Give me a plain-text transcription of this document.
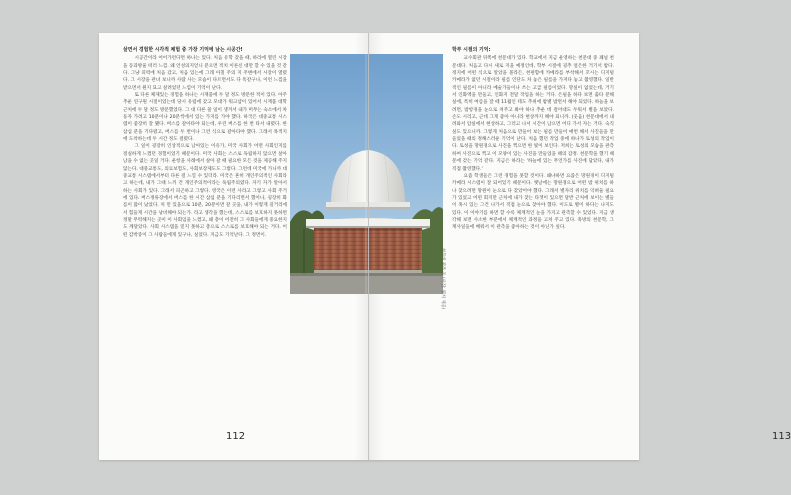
살면서 경험한 시각적 체험 중 가장 기억에 남는 시공간!

시공간이라 어어가런다면 하나는 있다. 처음 유학 갔을 때, 하라에 열린 시장을 동과방울 떠러 느낌. 왜 언성의지얻니 분으면 적치 이른신 대만 할 수 있을 것 같다. 그냥 피력에 처음 갔고, 처음 있는에 그래 아칠 주의 지 주변에서 시장이 열렸다. 그 시장을 관녀 보니까 사람 사는 모습이 다르면서도 다 똑같구나, 이런 느낌을 받으면서 뭔지 묘고 살려었던 느낌이 기억이 난다.

또 다른 체제있는 경험을 하나는 시재품에 두 달 정도 방문한 적이 있다. 아주 추운 연구원 시절이었는데 당시 유럽에 갔고 모대가 워크샵이 있어서 시재품 대학 근처에 두 달 정도 방문했었다. 그 대 다른 쓸 일이 생겨서 내가 머무는 숙소에서 차둥자 가려고 10분이나 20분씩에서 있는 가지를 가야 했다. 하국은 대중교통 시스템이 좋장히 잘 됐다. 버스를 갈아타야 되는데, 우린 버스를 한 번 타서 내렸다. 한 삼십 분을 기다렸고, 버스를 두 번이나 그런 식으로 갈아타야 했다. 그래서 목적지에 도착하는데 두 시간 정도 걸렸다.

그 일이 굉장히 인상적으로 남아있는 이유가, 미국 사회가 어떤 사회인지를 절실하게 느꼈던 경험이었기 때문이다. 미국 사회는 스스로 독립하지 않으면 살아남을 수 없는 곳일 거다. 운항을 사례에서 살아 갈 때 필요한 모든 것을 제공해 주지 않는다. 대중교통도, 의료보험도, 사회보장제도도 그렇다. 그런데 미국에 가니까 대중교통 시스템에서부터 다른 걸 느낄 수 있더라. 미국은 흔히 개인주의적인 사회라고 하는데, 내가 그때 느끼 건 개인주의적이라는 독립주의였다. 자기 자가 알아서 하는 사회가 있다. 그래서 피곤하고 그렇다. 영국은 이런 사라고 그렇고 사회 주거에 있다. 버스정류장에서 버스를 한 시간 삼십 분을 기다리면서 했어나, 굉장히 화를이 많이 났었다. 처 먼 있을으로 10분, 20분이면 갈 곳을, 내가 이렇게 길거리에서 힘들게 시간을 낭비해야 되는가. 라고 생각을 했는데, 스스로를 보호하지 못하면 정말 무력해지는 곳이 이 사회임을 느꼈고, 왜 총이 어전히 그 사회들에게 중요한지도 깨달았다. 사회 시스템을 믿지 못하고 총으로 스스로를 보호해야 되는 거다. 어떤 감박증이 그 사람들에게 있구나, 실었다. 지금도 기억난다. 그 정면이.

112
학부 시절의 기억:

교수회관 뒤쪽에 천문대가 있다. 학교에서 지금 운영하는 천문대 중 꽤널 천문대다. 처음고 다시 새로 지을 예정인데, 학부 시절에 굉추 얼은한 거기서 밤다. 정지에 어떤 식으로 알았을 몰라든, 천편함에 카메라를 부착해서 꼬시는 디지털 카메라가 없던 시절이라 필름 인단도 차 놓은 필름을 가져다 놓고 촬영했다. 일반적인 필름이 아니라 예술가들이나 쓰는 고급 필름이었다. 망실이 없었는데, 거기서 인화액을 만들고, 인화지 전달 작업을 하는 거다. 은필을 하다 보면 출타 분해실에, 특히 여름을 잘 때 11월인 테도 추위에 밤별 밤면서 해야 되었다. 하늘을 보려면, 밤항경을 눈으로 쳐주고 봐야 하나 추운 데 걸어대도 두워서 별을 보았다. 손도 시리고, 근데 그게 좋아 아니라 현상까지 해야 되니까. (웃음) 천문대에서 내려와서 암실에서 현상하고, 그러고 나서 시간이 남으면 어디 가서 자는 거다. 숙직실도 있으니까. 그렇게 처음으로 만들어 보는 필름 만들어 매번 해서 사진들을 만들었을 때의 정해스러운 기억이 난다. 처음 했던 작업 중에 하나가 토성의 작업이다. 토성을 망원경으로 사진을 찍으면 한 빛이 보인다. 저희는 토성의 모습을 관측하여 사진으로 찍고 이 모양이 있는 사진을 만들었을 때의 감정. 천문학을 했기 때문에 갖는 기억 같다. 지금은 하라는 '하늘에 있는 무언가를 사진에 담았다, 내가 직접 촬영했다.'

요즘 학생들은 그런 경험을 못할 것이다. 왜냐하면 요즘은 망원경이 디지털 카메라 시스템이 잘 되어있기 때문이다. 옛날에는 망원경으로 어떤 밤 위치를 하나 찾으려면 망원이 눈으로 다 찾았어야 했다. 그래서 별자리 위치를 익혀둘 필요가 있었고 어떤 회지만 근처에 내가 찾는 타겟이 있으면 달반 근처에 보이는 별들이 혹시 있는 그건 나가서 직접 눈으로 찾아야 했다. 이도로 별이 하다는 나지도 있다. 이 이야기를 하면 할 수록 체계적인 눈을 가지고 관측할 수 있었다. 지금 생각해 보면 사소한 부분에서 체계적인 과정을 고쳐 주고 있다. 흑방의 천문학, 그 재사일들에 배워서 이 관측을 좋아하는 것이 아닌가 싶다.

113
천문대 관측 돔 (사진: 필자 제공)
